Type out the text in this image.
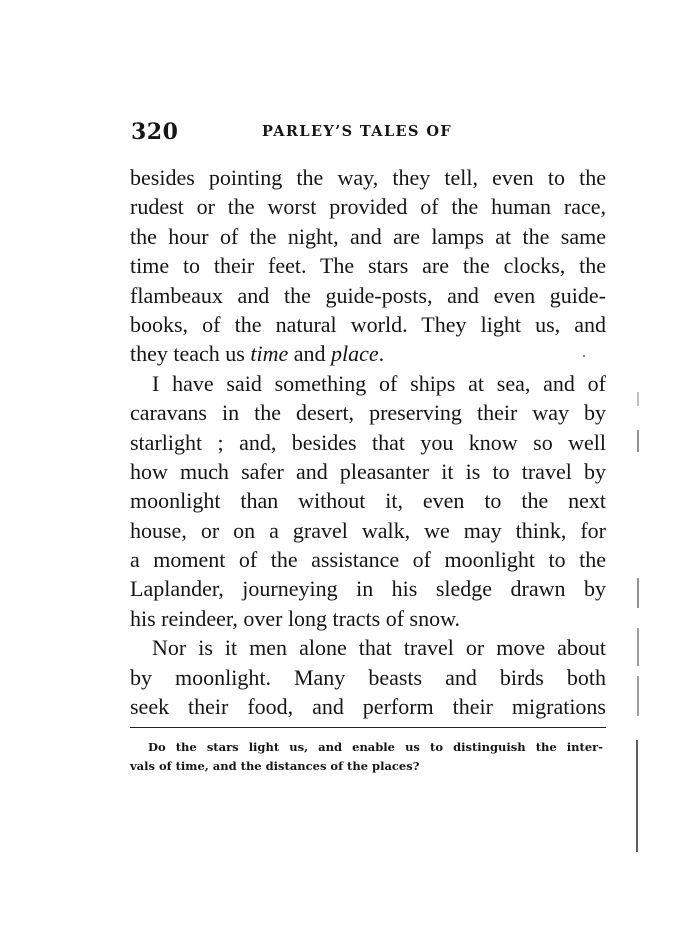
320	PARLEY’S TALES OF
besides pointing the way, they tell, even to the
rudest or the worst provided of the human race,
the hour of the night, and are lamps at the same
time to their feet. The stars are the clocks, the
flambeaux and the guide-posts, and even guide-
books, of the natural world. They light us, and
they teach us time and place.
I have said something of ships at sea, and of
caravans in the desert, preserving their way by
starlight ; and, besides that you know so well
how much safer and pleasanter it is to travel by
moonlight than without it, even to the next
house, or on a gravel walk, we may think, for
a moment of the assistance of moonlight to the
Laplander, journeying in his sledge drawn by
his reindeer, over long tracts of snow.
Nor is it men alone that travel or move about
by moonlight. Many beasts and birds both
seek their food, and perform their migrations
Do the stars light us, and enable us to distinguish the inter-
vals of time, and the distances of the places?
